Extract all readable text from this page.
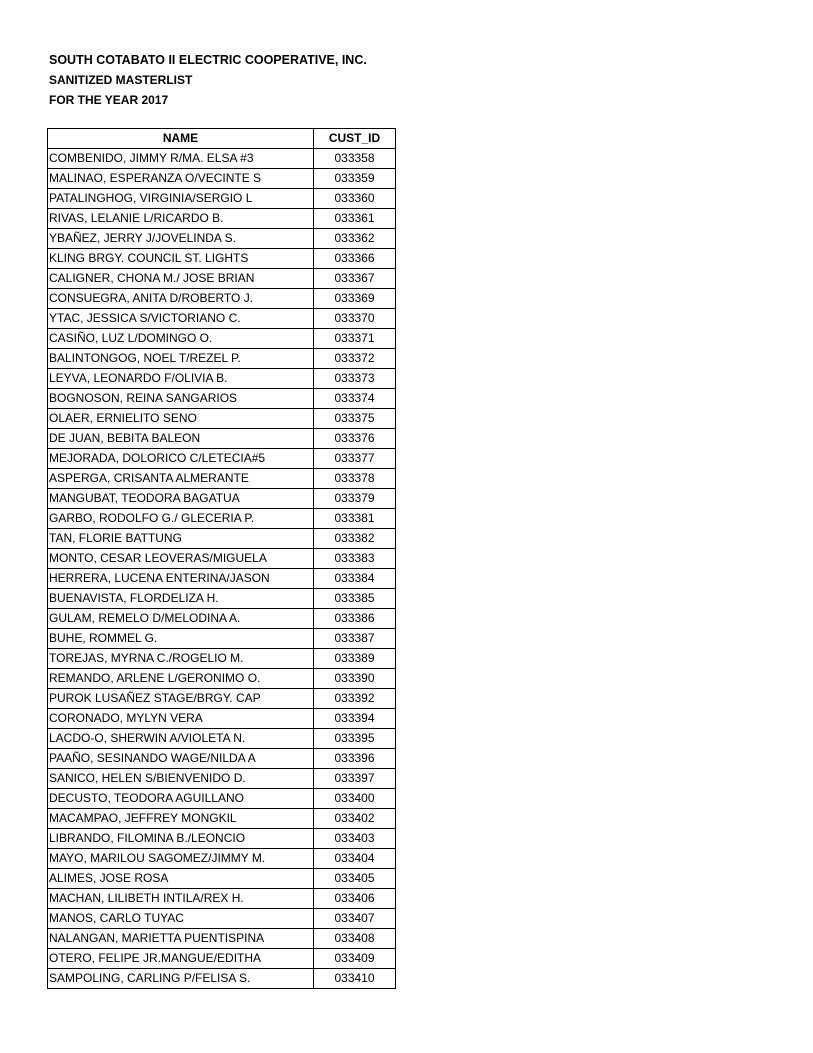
SOUTH COTABATO II ELECTRIC COOPERATIVE, INC.
SANITIZED MASTERLIST
FOR THE YEAR 2017
NAME	CUST_ID
COMBENIDO, JIMMY R/MA. ELSA #3	033358
MALINAO, ESPERANZA O/VECINTE S	033359
PATALINGHOG, VIRGINIA/SERGIO L	033360
RIVAS, LELANIE L/RICARDO B.	033361
YBAÑEZ, JERRY J/JOVELINDA S.	033362
KLING BRGY. COUNCIL ST. LIGHTS	033366
CALIGNER, CHONA M./ JOSE BRIAN	033367
CONSUEGRA, ANITA D/ROBERTO J.	033369
YTAC, JESSICA S/VICTORIANO C.	033370
CASIÑO, LUZ L/DOMINGO O.	033371
BALINTONGOG, NOEL T/REZEL P.	033372
LEYVA, LEONARDO F/OLIVIA B.	033373
BOGNOSON, REINA SANGARIOS	033374
OLAER, ERNIELITO SENO	033375
DE JUAN, BEBITA BALEON	033376
MEJORADA, DOLORICO C/LETECIA#5	033377
ASPERGA, CRISANTA ALMERANTE	033378
MANGUBAT, TEODORA BAGATUA	033379
GARBO, RODOLFO G./ GLECERIA P.	033381
TAN, FLORIE BATTUNG	033382
MONTO, CESAR LEOVERAS/MIGUELA	033383
HERRERA, LUCENA ENTERINA/JASON	033384
BUENAVISTA, FLORDELIZA H.	033385
GULAM, REMELO D/MELODINA A.	033386
BUHE, ROMMEL G.	033387
TOREJAS, MYRNA C./ROGELIO M.	033389
REMANDO, ARLENE L/GERONIMO O.	033390
PUROK LUSAÑEZ STAGE/BRGY. CAP	033392
CORONADO, MYLYN VERA	033394
LACDO-O, SHERWIN A/VIOLETA N.	033395
PAAÑO, SESINANDO WAGE/NILDA A	033396
SANICO, HELEN S/BIENVENIDO D.	033397
DECUSTO, TEODORA AGUILLANO	033400
MACAMPAO, JEFFREY MONGKIL	033402
LIBRANDO, FILOMINA B./LEONCIO	033403
MAYO, MARILOU SAGOMEZ/JIMMY M.	033404
ALIMES, JOSE ROSA	033405
MACHAN, LILIBETH INTILA/REX H.	033406
MANOS, CARLO TUYAC	033407
NALANGAN, MARIETTA PUENTISPINA	033408
OTERO, FELIPE JR.MANGUE/EDITHA	033409
SAMPOLING, CARLING P/FELISA S.	033410
